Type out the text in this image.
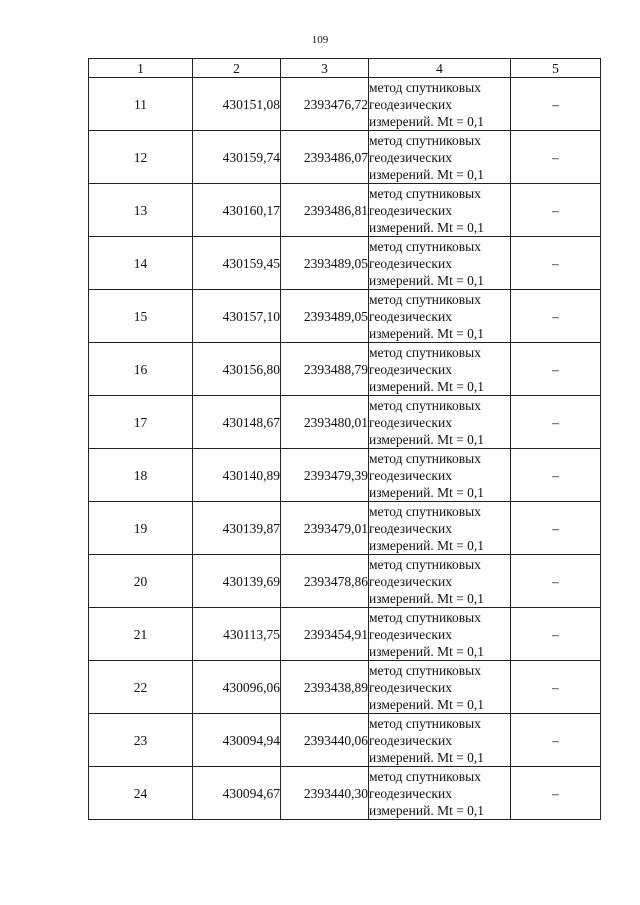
109
1	2	3	4	5
11	430151,08	2393476,72	метод спутниковых
геодезических
измерений. Mt = 0,1	–
12	430159,74	2393486,07	метод спутниковых
геодезических
измерений. Mt = 0,1	–
13	430160,17	2393486,81	метод спутниковых
геодезических
измерений. Mt = 0,1	–
14	430159,45	2393489,05	метод спутниковых
геодезических
измерений. Mt = 0,1	–
15	430157,10	2393489,05	метод спутниковых
геодезических
измерений. Mt = 0,1	–
16	430156,80	2393488,79	метод спутниковых
геодезических
измерений. Mt = 0,1	–
17	430148,67	2393480,01	метод спутниковых
геодезических
измерений. Mt = 0,1	–
18	430140,89	2393479,39	метод спутниковых
геодезических
измерений. Mt = 0,1	–
19	430139,87	2393479,01	метод спутниковых
геодезических
измерений. Mt = 0,1	–
20	430139,69	2393478,86	метод спутниковых
геодезических
измерений. Mt = 0,1	–
21	430113,75	2393454,91	метод спутниковых
геодезических
измерений. Mt = 0,1	–
22	430096,06	2393438,89	метод спутниковых
геодезических
измерений. Mt = 0,1	–
23	430094,94	2393440,06	метод спутниковых
геодезических
измерений. Mt = 0,1	–
24	430094,67	2393440,30	метод спутниковых
геодезических
измерений. Mt = 0,1	–
